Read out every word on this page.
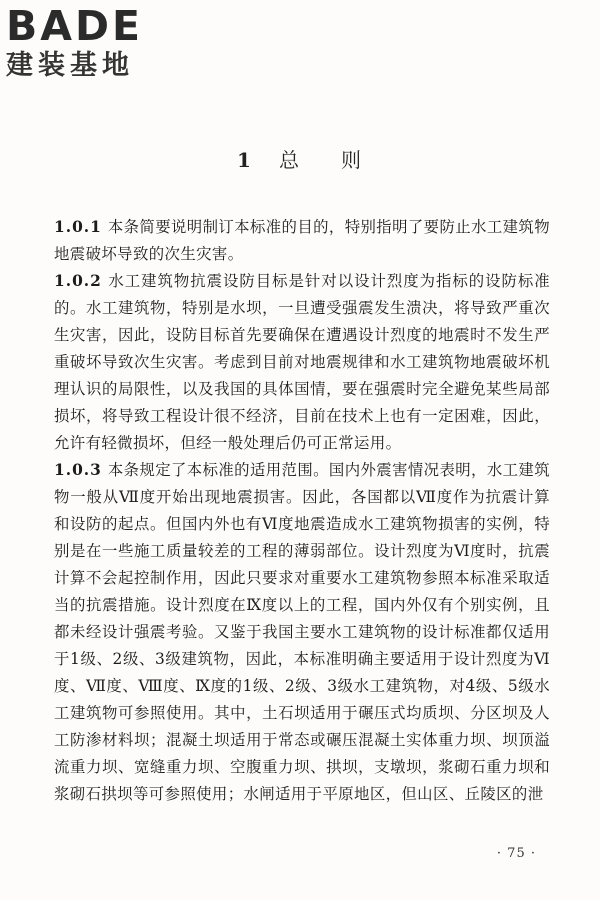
BADE
建装基地
1 总 则

1.0.1 本条简要说明制订本标准的目的，特别指明了要防止水工建筑物地震破坏导致的次生灾害。

1.0.2 水工建筑物抗震设防目标是针对以设计烈度为指标的设防标准的。水工建筑物，特别是水坝，一旦遭受强震发生溃决，将导致严重次生灾害，因此，设防目标首先要确保在遭遇设计烈度的地震时不发生严重破坏导致次生灾害。考虑到目前对地震规律和水工建筑物地震破坏机理认识的局限性，以及我国的具体国情，要在强震时完全避免某些局部损坏，将导致工程设计很不经济，目前在技术上也有一定困难，因此，允许有轻微损坏，但经一般处理后仍可正常运用。

1.0.3 本条规定了本标准的适用范围。国内外震害情况表明，水工建筑物一般从Ⅶ度开始出现地震损害。因此，各国都以Ⅶ度作为抗震计算和设防的起点。但国内外也有Ⅵ度地震造成水工建筑物损害的实例，特别是在一些施工质量较差的工程的薄弱部位。设计烈度为Ⅵ度时，抗震计算不会起控制作用，因此只要求对重要水工建筑物参照本标准采取适当的抗震措施。设计烈度在Ⅸ度以上的工程，国内外仅有个别实例，且都未经设计强震考验。又鉴于我国主要水工建筑物的设计标准都仅适用于1级、2级、3级建筑物，因此，本标准明确主要适用于设计烈度为Ⅵ度、Ⅶ度、Ⅷ度、Ⅸ度的1级、2级、3级水工建筑物，对4级、5级水工建筑物可参照使用。其中，土石坝适用于碾压式均质坝、分区坝及人工防渗材料坝；混凝土坝适用于常态或碾压混凝土实体重力坝、坝顶溢流重力坝、宽缝重力坝、空腹重力坝、拱坝，支墩坝，浆砌石重力坝和浆砌石拱坝等可参照使用；水闸适用于平原地区，但山区、丘陵区的泄

· 75 ·
